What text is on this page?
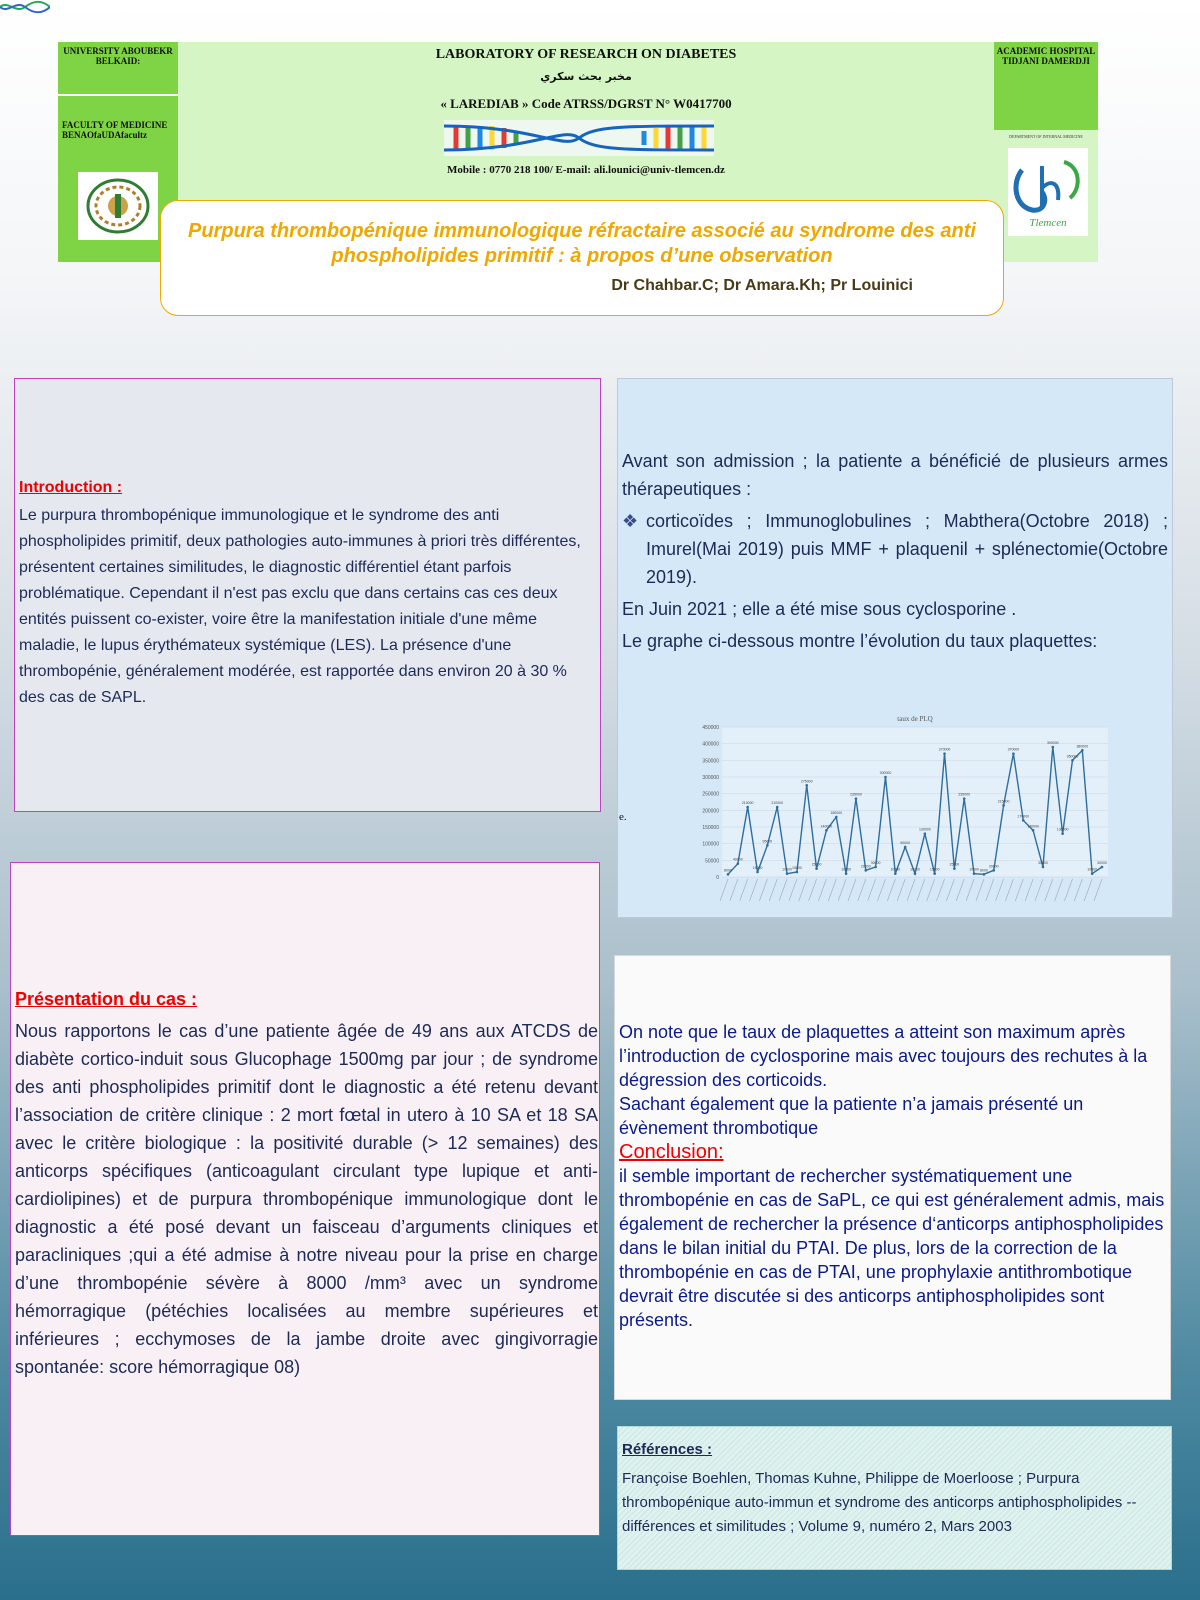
UNIVERSITY ABOUBEKR BELKAID:
FACULTY OF MEDICINE BENAOfaUDAfacultz
LABORATORY OF RESEARCH ON DIABETES
مخبر بحث سكري
« LAREDIAB » Code ATRSS/DGRST N° W0417700
Mobile : 0770 218 100/ E-mail: ali.lounici@univ-tlemcen.dz
ACADEMIC HOSPITAL TIDJANI DAMERDJI
DEPARTMENT OF INTERNAL MEDICINE
Tlemcen
Purpura thrombopénique immunologique réfractaire associé au syndrome des anti phospholipides primitif : à propos d’une observation
Dr Chahbar.C; Dr Amara.Kh; Pr Louinici
Introduction :
Le purpura thrombopénique immunologique et le syndrome des anti phospholipides primitif, deux pathologies auto-immunes à priori très différentes, présentent certaines similitudes, le diagnostic différentiel étant parfois problématique. Cependant il n'est pas exclu que dans certains cas ces deux entités puissent co-exister, voire être la manifestation initiale d'une même maladie, le lupus érythémateux systémique (LES). La présence d'une thrombopénie, généralement modérée, est rapportée dans environ 20 à 30 % des cas de SAPL.

Avant son admission ; la patiente a bénéficié de plusieurs armes thérapeutiques :

❖ corticoïdes ; Immunoglobulines ; Mabthera(Octobre 2018) ; Imurel(Mai 2019) puis MMF + plaquenil + splénectomie(Octobre 2019).

En Juin 2021 ; elle a été mise sous cyclosporine .

Le graphe ci-dessous montre l’évolution du taux plaquettes:

e.
taux de PLQ
0
50000
100000
150000
200000
250000
300000
350000
400000
450000
8000
40000
210000
15000
95000
210000
10000 15000
275000
25000
140000
180000
10000
235000
20000
30000
300000
10000
90000
10000
130000
10000
370000
25000
235000
10000 8000
20000
215000
370000
170000
140000
30000
390000
130000
350000
380000
10000
30000
Présentation du cas :
Nous rapportons le cas d’une patiente âgée de 49 ans aux ATCDS de diabète cortico-induit sous Glucophage 1500mg par jour ; de syndrome des anti phospholipides primitif dont le diagnostic a été retenu devant l’association de critère clinique : 2 mort fœtal in utero à 10 SA et 18 SA avec le critère biologique : la positivité durable (> 12 semaines) des anticorps spécifiques (anticoagulant circulant type lupique et anti-cardiolipines) et de purpura thrombopénique immunologique dont le diagnostic a été posé devant un faisceau d’arguments cliniques et paracliniques ;qui a été admise à notre niveau pour la prise en charge d’une thrombopénie sévère à 8000 /mm³ avec un syndrome hémorragique (pétéchies localisées au membre supérieures et inférieures ; ecchymoses de la jambe droite avec gingivorragie spontanée: score hémorragique 08)
On note que le taux de plaquettes a atteint son maximum après l’introduction de cyclosporine mais avec toujours des rechutes à la dégression des corticoids.
Sachant également que la patiente n’a jamais présenté un évènement thrombotique
Conclusion:
il semble important de rechercher systématiquement une thrombopénie en cas de SaPL, ce qui est généralement admis, mais également de rechercher la présence d‘anticorps antiphospholipides dans le bilan initial du PTAI. De plus, lors de la correction de la thrombopénie en cas de PTAI, une prophylaxie antithrombotique devrait être discutée si des anticorps antiphospholipides sont présents.
Références :
Françoise Boehlen, Thomas Kuhne, Philippe de Moerloose ; Purpura thrombopénique auto-immun et syndrome des anticorps antiphospholipides -- différences et similitudes ; Volume 9, numéro 2, Mars 2003
